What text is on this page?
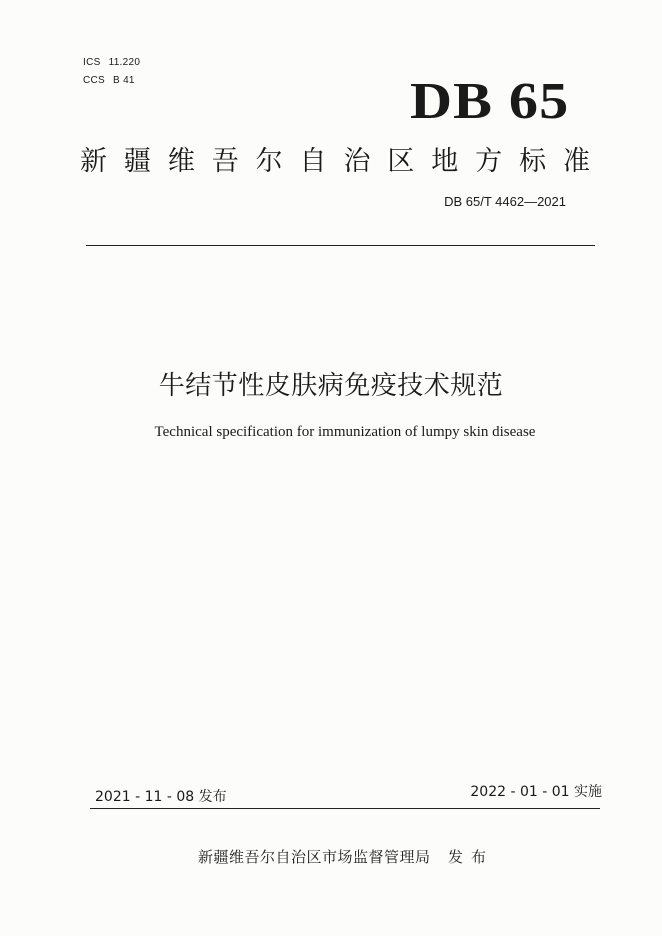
ICS 11.220
CCS B 41	DB 65
新 疆 维 吾 尔 自 治 区 地 方 标 准
DB 65/T 4462—2021
牛结节性皮肤病免疫技术规范
Technical specification for immunization of lumpy skin disease
2021 - 11 - 08 发布	2022 - 01 - 01 实施
新疆维吾尔自治区市场监督管理局 发布
